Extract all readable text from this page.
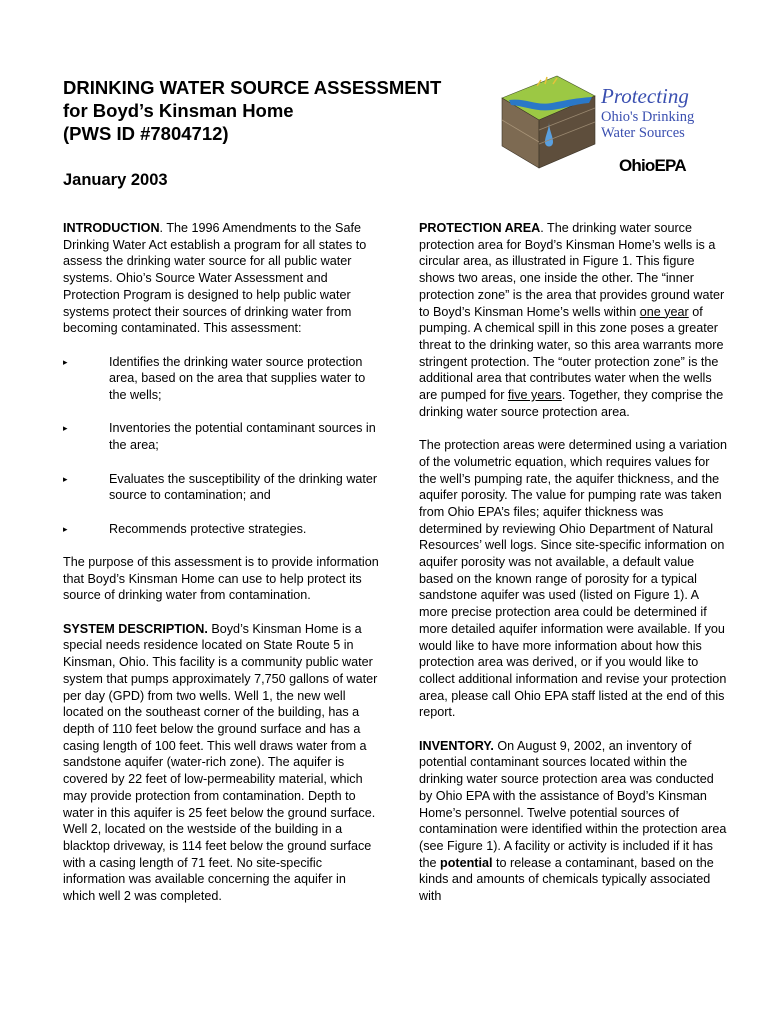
DRINKING WATER SOURCE ASSESSMENT

for Boyd’s Kinsman Home

(PWS ID #7804712)

January 2003
Protecting
Ohio's Drinking
Water Sources
OhioEPA

INTRODUCTION. The 1996 Amendments to the Safe Drinking Water Act establish a program for all states to assess the drinking water source for all public water systems. Ohio’s Source Water Assessment and Protection Program is designed to help public water systems protect their sources of drinking water from becoming contaminated. This assessment:

▸	Identifies the drinking water source protection area, based on the area that supplies water to the wells;
▸	Inventories the potential contaminant sources in the area;
▸	Evaluates the susceptibility of the drinking water source to contamination; and
▸	Recommends protective strategies.

The purpose of this assessment is to provide information that Boyd’s Kinsman Home can use to help protect its source of drinking water from contamination.

SYSTEM DESCRIPTION. Boyd’s Kinsman Home is a special needs residence located on State Route 5 in Kinsman, Ohio. This facility is a community public water system that pumps approximately 7,750 gallons of water per day (GPD) from two wells. Well 1, the new well located on the southeast corner of the building, has a depth of 110 feet below the ground surface and has a casing length of 100 feet. This well draws water from a sandstone aquifer (water-rich zone). The aquifer is covered by 22 feet of low-permeability material, which may provide protection from contamination. Depth to water in this aquifer is 25 feet below the ground surface. Well 2, located on the westside of the building in a blacktop driveway, is 114 feet below the ground surface with a casing length of 71 feet. No site-specific information was available concerning the aquifer in which well 2 was completed.

PROTECTION AREA. The drinking water source protection area for Boyd’s Kinsman Home’s wells is a circular area, as illustrated in Figure 1. This figure shows two areas, one inside the other. The “inner protection zone” is the area that provides ground water to Boyd’s Kinsman Home’s wells within one year of pumping. A chemical spill in this zone poses a greater threat to the drinking water, so this area warrants more stringent protection. The “outer protection zone” is the additional area that contributes water when the wells are pumped for five years. Together, they comprise the drinking water source protection area.

The protection areas were determined using a variation of the volumetric equation, which requires values for the well’s pumping rate, the aquifer thickness, and the aquifer porosity. The value for pumping rate was taken from Ohio EPA’s files; aquifer thickness was determined by reviewing Ohio Department of Natural Resources’ well logs. Since site-specific information on aquifer porosity was not available, a default value based on the known range of porosity for a typical sandstone aquifer was used (listed on Figure 1). A more precise protection area could be determined if more detailed aquifer information were available. If you would like to have more information about how this protection area was derived, or if you would like to collect additional information and revise your protection area, please call Ohio EPA staff listed at the end of this report.

INVENTORY. On August 9, 2002, an inventory of potential contaminant sources located within the drinking water source protection area was conducted by Ohio EPA with the assistance of Boyd’s Kinsman Home’s personnel. Twelve potential sources of contamination were identified within the protection area (see Figure 1). A facility or activity is included if it has the potential to release a contaminant, based on the kinds and amounts of chemicals typically associated with
